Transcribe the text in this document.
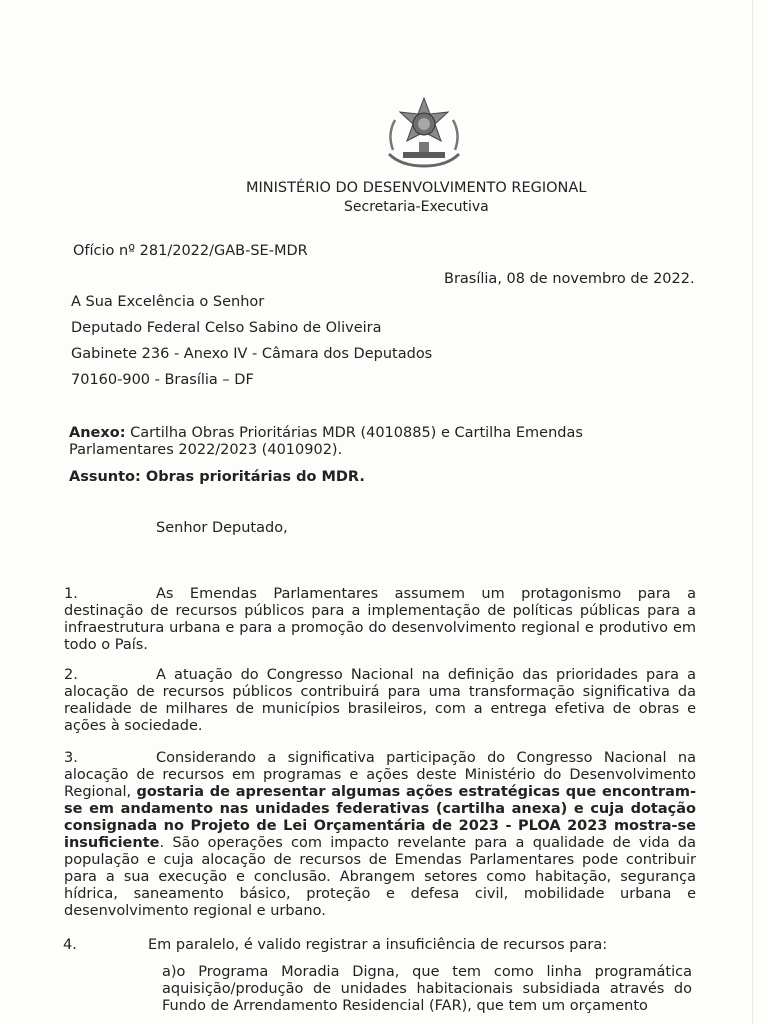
MINISTÉRIO DO DESENVOLVIMENTO REGIONAL
Secretaria-Executiva
Ofício nº 281/2022/GAB-SE-MDR
Brasília, 08 de novembro de 2022.
A Sua Excelência o Senhor
Deputado Federal Celso Sabino de Oliveira
Gabinete 236 - Anexo IV - Câmara dos Deputados
70160-900 - Brasília – DF
Anexo: Cartilha Obras Prioritárias MDR (4010885) e Cartilha Emendas
Parlamentares 2022/2023 (4010902).
Assunto: Obras prioritárias do MDR.
Senhor Deputado,
1.	As Emendas Parlamentares assumem um protagonismo para a destinação de recursos públicos para a implementação de políticas públicas para a infraestrutura urbana e para a promoção do desenvolvimento regional e produtivo em todo o País.
2.	A atuação do Congresso Nacional na definição das prioridades para a alocação de recursos públicos contribuirá para uma transformação significativa da realidade de milhares de municípios brasileiros, com a entrega efetiva de obras e ações à sociedade.
3.	Considerando a significativa participação do Congresso Nacional na alocação de recursos em programas e ações deste Ministério do Desenvolvimento Regional, gostaria de apresentar algumas ações estratégicas que encontram-se em andamento nas unidades federativas (cartilha anexa) e cuja dotação consignada no Projeto de Lei Orçamentária de 2023 - PLOA 2023 mostra-se insuficiente. São operações com impacto revelante para a qualidade de vida da população e cuja alocação de recursos de Emendas Parlamentares pode contribuir para a sua execução e conclusão. Abrangem setores como habitação, segurança hídrica, saneamento básico, proteção e defesa civil, mobilidade urbana e desenvolvimento regional e urbano.
4.	Em paralelo, é valido registrar a insuficiência de recursos para:
a)o Programa Moradia Digna, que tem como linha programática aquisição/produção de unidades habitacionais subsidiada através do Fundo de Arrendamento Residencial (FAR), que tem um orçamento
